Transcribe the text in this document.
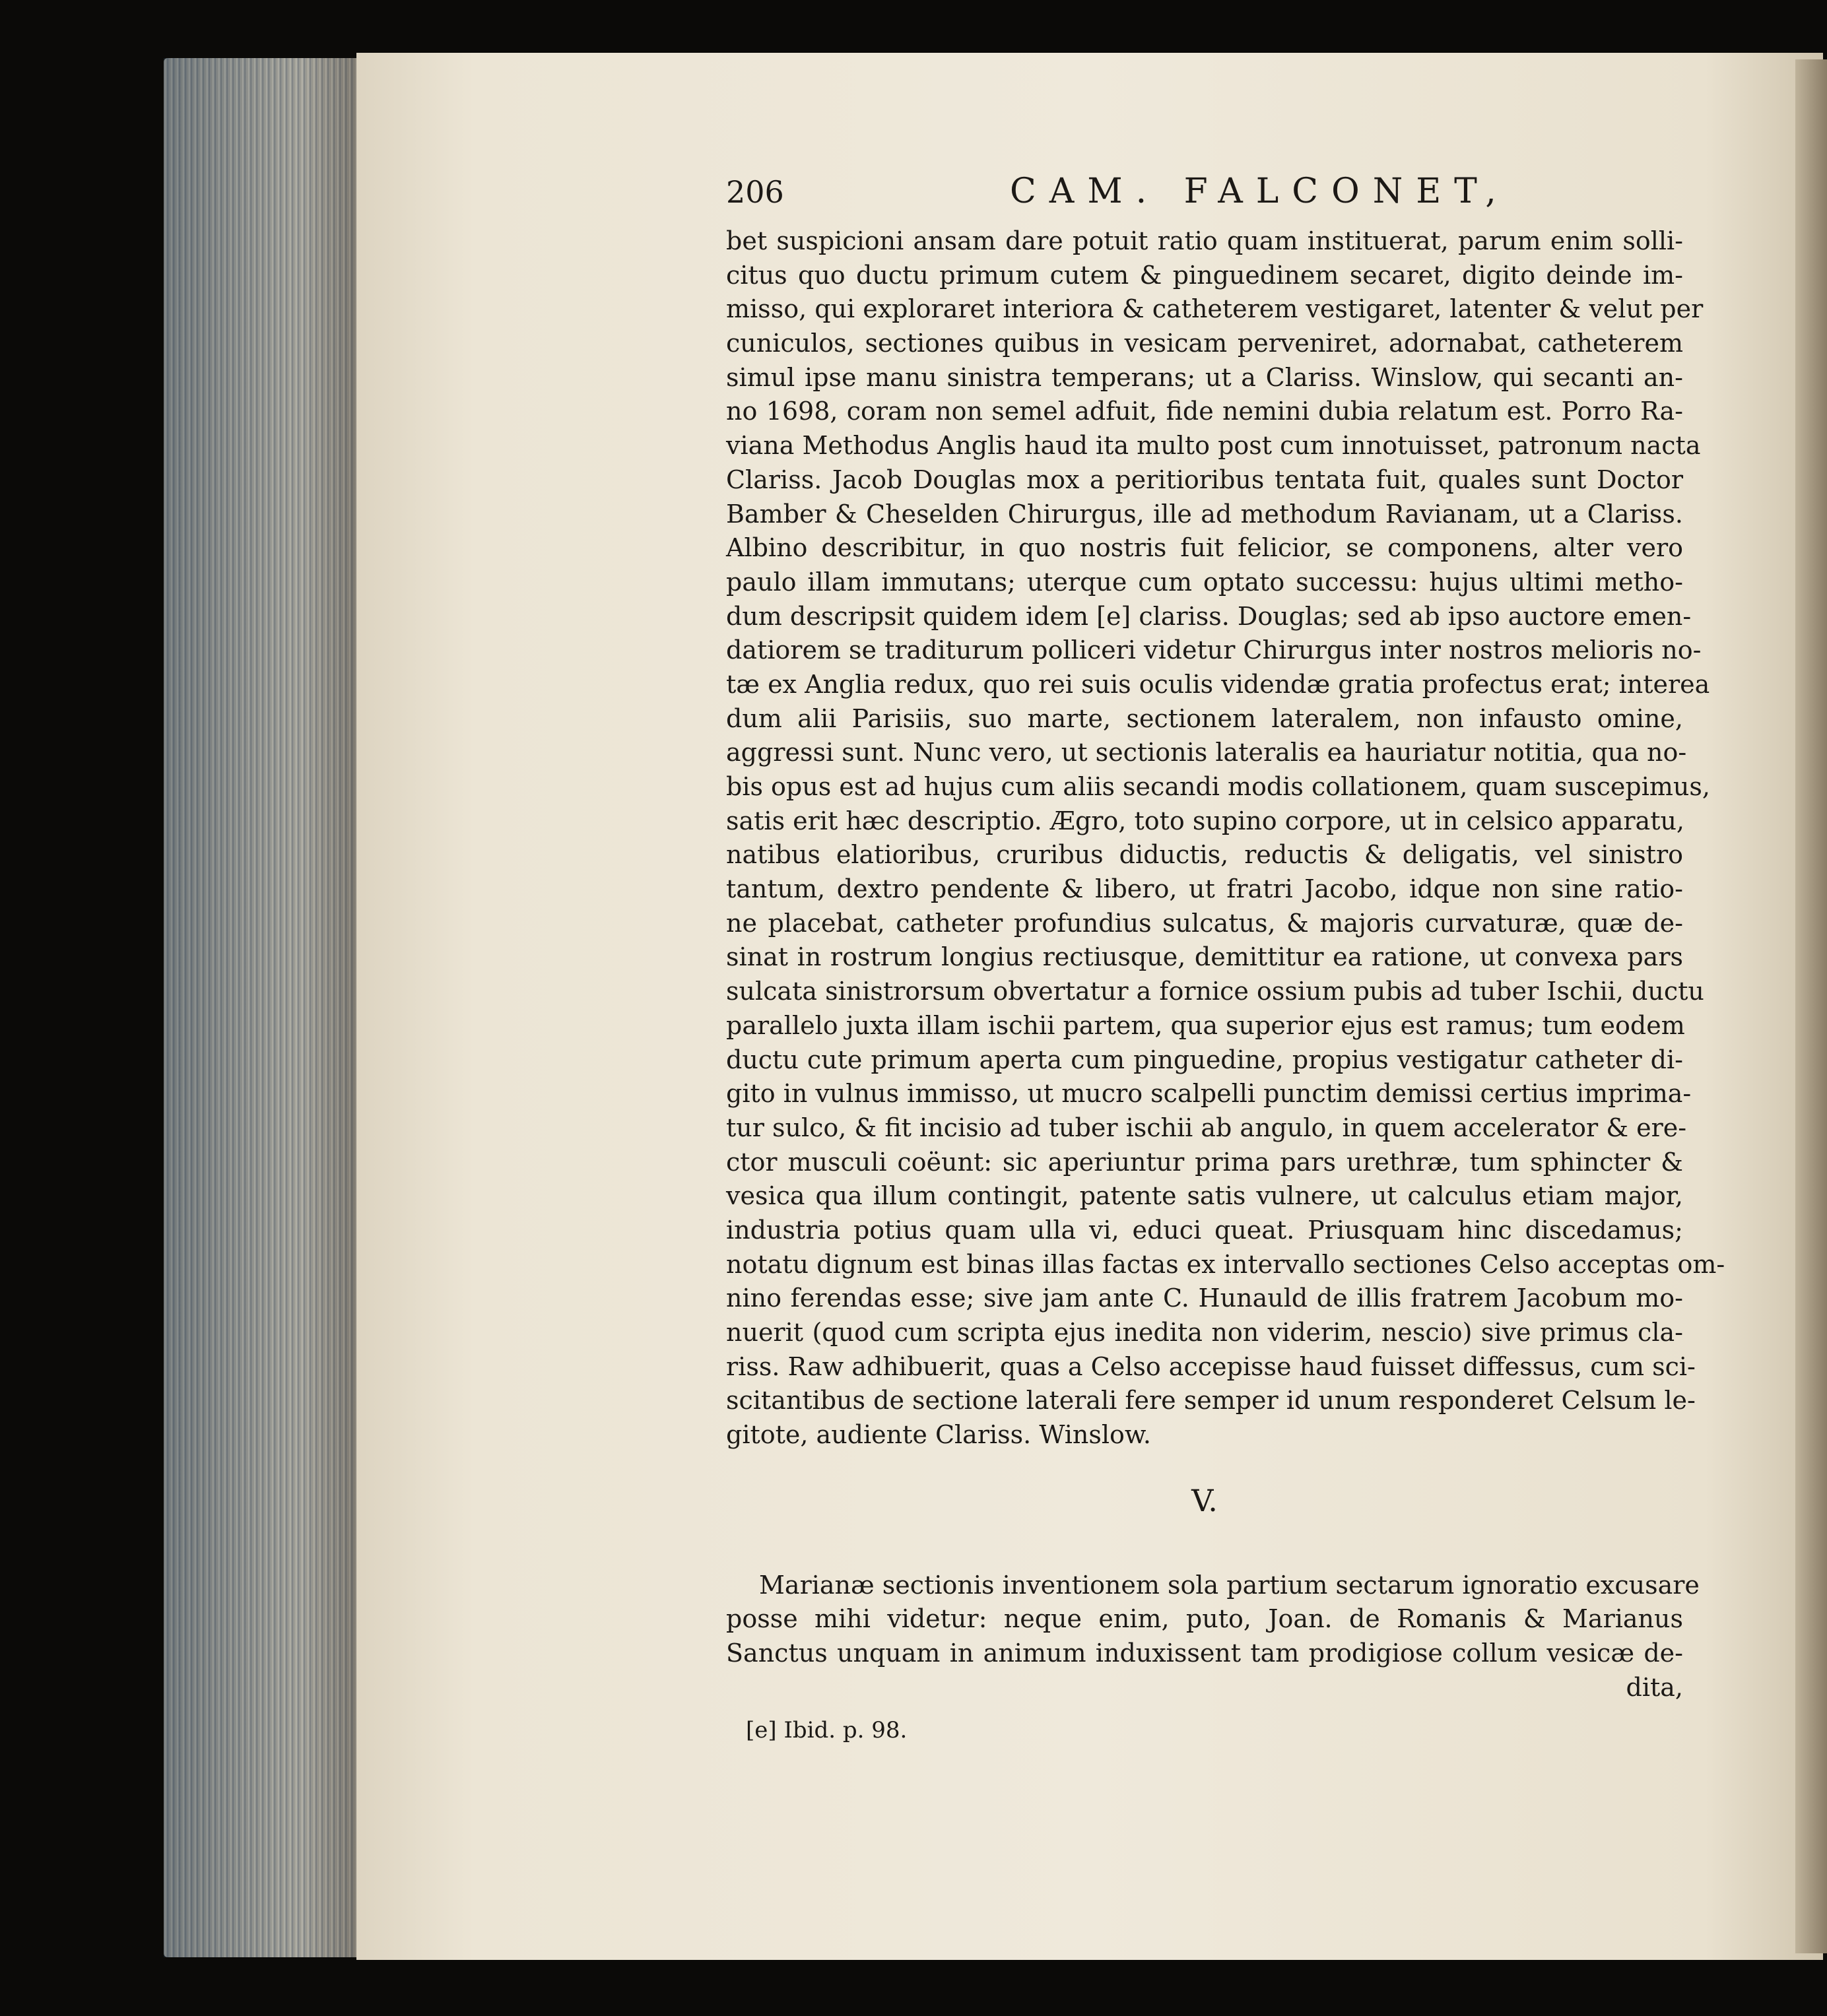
206	CAM. FALCONET,
bet suspicioni ansam dare potuit ratio quam instituerat, parum enim solli-
citus quo ductu primum cutem & pinguedinem secaret, digito deinde im-
misso, qui exploraret interiora & catheterem vestigaret, latenter & velut per
cuniculos, sectiones quibus in vesicam perveniret, adornabat, catheterem
simul ipse manu sinistra temperans; ut a Clariss. Winslow, qui secanti an-
no 1698, coram non semel adfuit, fide nemini dubia relatum est. Porro Ra-
viana Methodus Anglis haud ita multo post cum innotuisset, patronum nacta
Clariss. Jacob Douglas mox a peritioribus tentata fuit, quales sunt Doctor
Bamber & Cheselden Chirurgus, ille ad methodum Ravianam, ut a Clariss.
Albino describitur, in quo nostris fuit felicior, se componens, alter vero
paulo illam immutans; uterque cum optato successu: hujus ultimi metho-
dum descripsit quidem idem [e] clariss. Douglas; sed ab ipso auctore emen-
datiorem se traditurum polliceri videtur Chirurgus inter nostros melioris no-
tæ ex Anglia redux, quo rei suis oculis videndæ gratia profectus erat; interea
dum alii Parisiis, suo marte, sectionem lateralem, non infausto omine,
aggressi sunt. Nunc vero, ut sectionis lateralis ea hauriatur notitia, qua no-
bis opus est ad hujus cum aliis secandi modis collationem, quam suscepimus,
satis erit hæc descriptio. Ægro, toto supino corpore, ut in celsico apparatu,
natibus elatioribus, cruribus diductis, reductis & deligatis, vel sinistro
tantum, dextro pendente & libero, ut fratri Jacobo, idque non sine ratio-
ne placebat, catheter profundius sulcatus, & majoris curvaturæ, quæ de-
sinat in rostrum longius rectiusque, demittitur ea ratione, ut convexa pars
sulcata sinistrorsum obvertatur a fornice ossium pubis ad tuber Ischii, ductu
parallelo juxta illam ischii partem, qua superior ejus est ramus; tum eodem
ductu cute primum aperta cum pinguedine, propius vestigatur catheter di-
gito in vulnus immisso, ut mucro scalpelli punctim demissi certius imprima-
tur sulco, & fit incisio ad tuber ischii ab angulo, in quem accelerator & ere-
ctor musculi coëunt: sic aperiuntur prima pars urethræ, tum sphincter &
vesica qua illum contingit, patente satis vulnere, ut calculus etiam major,
industria potius quam ulla vi, educi queat. Priusquam hinc discedamus;
notatu dignum est binas illas factas ex intervallo sectiones Celso acceptas om-
nino ferendas esse; sive jam ante C. Hunauld de illis fratrem Jacobum mo-
nuerit (quod cum scripta ejus inedita non viderim, nescio) sive primus cla-
riss. Raw adhibuerit, quas a Celso accepisse haud fuisset diffessus, cum sci-
scitantibus de sectione laterali fere semper id unum responderet Celsum le-
gitote, audiente Clariss. Winslow.
V.
Marianæ sectionis inventionem sola partium sectarum ignoratio excusare
posse mihi videtur: neque enim, puto, Joan. de Romanis & Marianus
Sanctus unquam in animum induxissent tam prodigiose collum vesicæ de-
dita,
[e] Ibid. p. 98.
